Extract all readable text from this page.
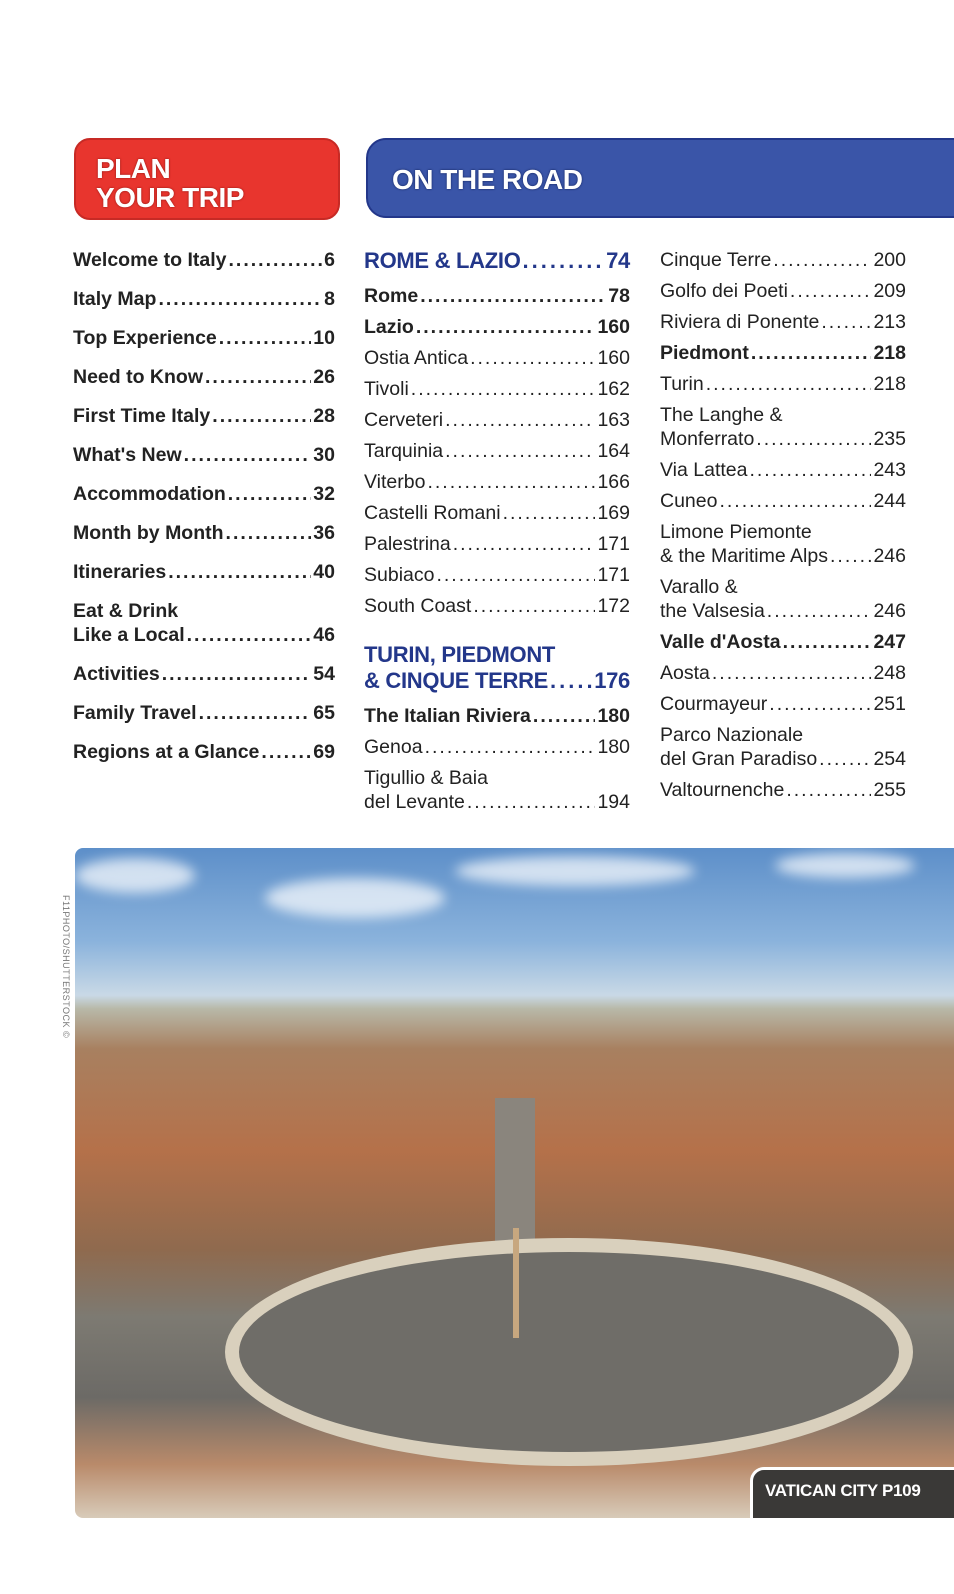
PLAN
YOUR TRIP
ON THE ROAD
Welcome to Italy .....	6
Italy Map .....	8
Top Experience .....	10
Need to Know .....	26
First Time Italy .....	28
What's New .....	30
Accommodation .....	32
Month by Month .....	36
Itineraries .....	40
Eat & Drink
Like a Local .....	46
Activities .....	54
Family Travel .....	65
Regions at a Glance .....	69
ROME & LAZIO .....	74
Rome .....	78
Lazio .....	160
Ostia Antica .....	160
Tivoli .....	162
Cerveteri .....	163
Tarquinia .....	164
Viterbo .....	166
Castelli Romani .....	169
Palestrina .....	171
Subiaco .....	171
South Coast .....	172
TURIN, PIEDMONT
& CINQUE TERRE ..... 176
The Italian Riviera .....	180
Genoa .....	180
Tigullio & Baia
del Levante .....	194
Cinque Terre .....	200
Golfo dei Poeti .....	209
Riviera di Ponente .....	213
Piedmont .....	218
Turin .....	218
The Langhe &
Monferrato .....	235
Via Lattea .....	243
Cuneo .....	244
Limone Piemonte
& the Maritime Alps ..... 246
Varallo &
the Valsesia .....	246
Valle d'Aosta .....	247
Aosta .....	248
Courmayeur .....	251
Parco Nazionale
del Gran Paradiso .....	254
Valtournenche .....	255
F11PHOTO/SHUTTERSTOCK ©
VATICAN CITY P109
